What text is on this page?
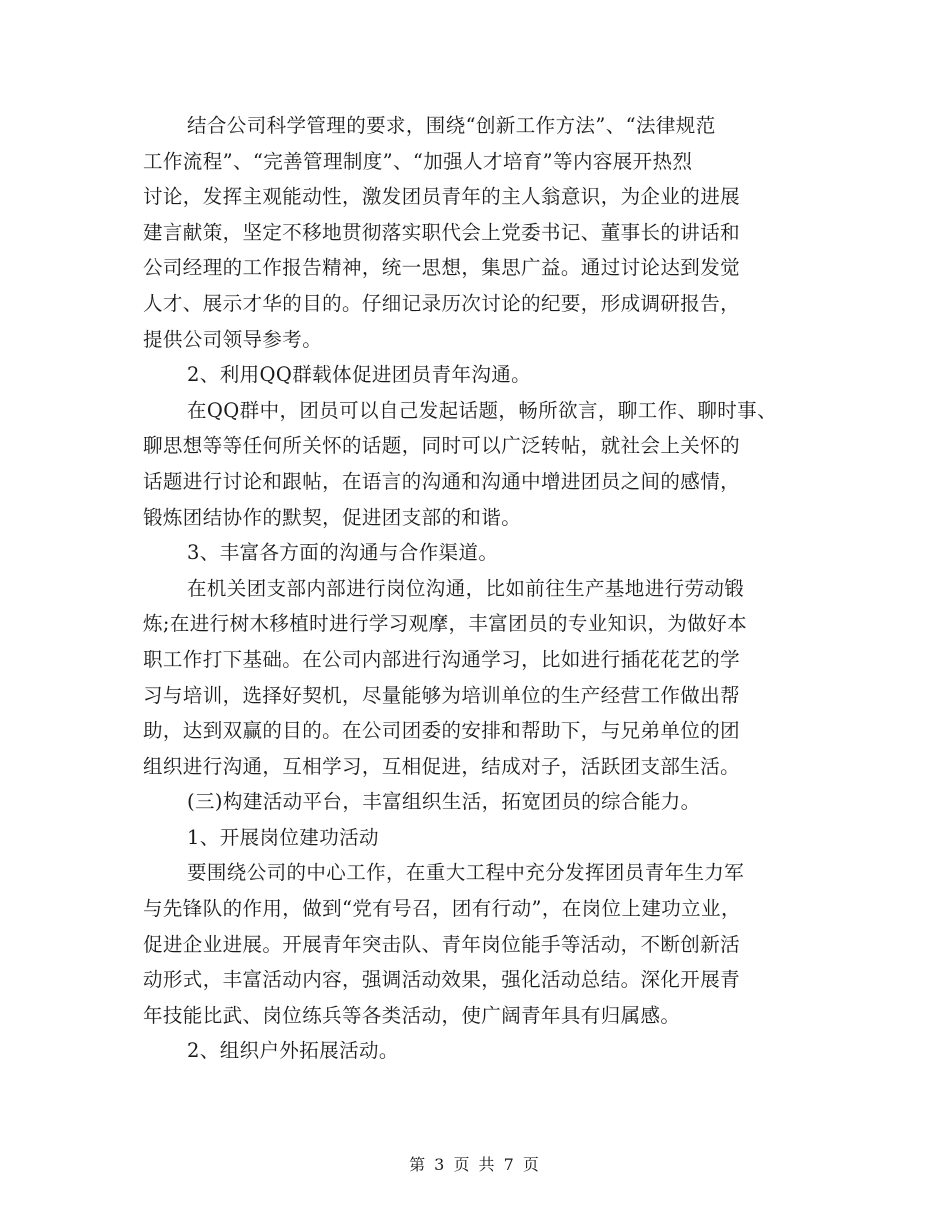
结合公司科学管理的要求，围绕“创新工作方法”、“法律规范
工作流程”、“完善管理制度”、“加强人才培育”等内容展开热烈
讨论，发挥主观能动性，激发团员青年的主人翁意识，为企业的进展
建言献策，坚定不移地贯彻落实职代会上党委书记、董事长的讲话和
公司经理的工作报告精神，统一思想，集思广益。通过讨论达到发觉
人才、展示才华的目的。仔细记录历次讨论的纪要，形成调研报告，
提供公司领导参考。
2、利用QQ群载体促进团员青年沟通。
在QQ群中，团员可以自己发起话题，畅所欲言，聊工作、聊时事、
聊思想等等任何所关怀的话题，同时可以广泛转帖，就社会上关怀的
话题进行讨论和跟帖，在语言的沟通和沟通中增进团员之间的感情，
锻炼团结协作的默契，促进团支部的和谐。
3、丰富各方面的沟通与合作渠道。
在机关团支部内部进行岗位沟通，比如前往生产基地进行劳动锻
炼;在进行树木移植时进行学习观摩，丰富团员的专业知识，为做好本
职工作打下基础。在公司内部进行沟通学习，比如进行插花花艺的学
习与培训，选择好契机，尽量能够为培训单位的生产经营工作做出帮
助，达到双赢的目的。在公司团委的安排和帮助下，与兄弟单位的团
组织进行沟通，互相学习，互相促进，结成对子，活跃团支部生活。
(三)构建活动平台，丰富组织生活，拓宽团员的综合能力。
1、开展岗位建功活动
要围绕公司的中心工作，在重大工程中充分发挥团员青年生力军
与先锋队的作用，做到“党有号召，团有行动”，在岗位上建功立业，
促进企业进展。开展青年突击队、青年岗位能手等活动，不断创新活
动形式，丰富活动内容，强调活动效果，强化活动总结。深化开展青
年技能比武、岗位练兵等各类活动，使广阔青年具有归属感。
2、组织户外拓展活动。
第 3 页 共 7 页
